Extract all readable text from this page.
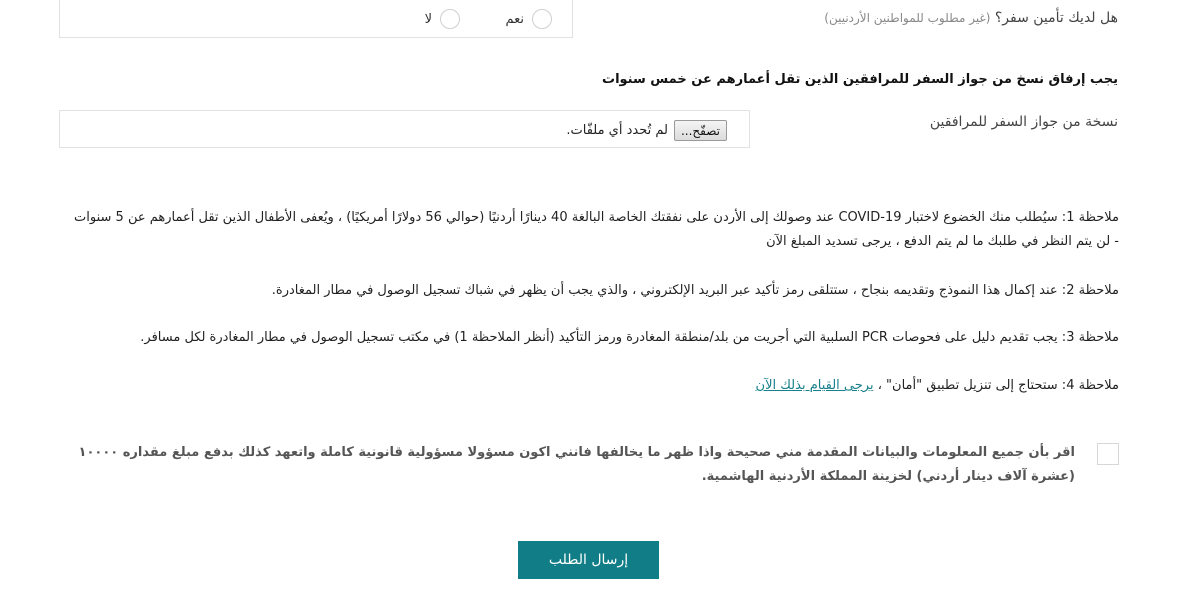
هل لديك تأمين سفر؟ (غير مطلوب للمواطنين الأردنيين)
نعم
لا
يجب إرفاق نسخ من جواز السفر للمرافقين الذين تقل أعمارهم عن خمس سنوات
نسخة من جواز السفر للمرافقين
تصفّح...
لم تُحدد أي ملفّات.
ملاحظة 1: سيُطلب منك الخضوع لاختبار COVID-19 عند وصولك إلى الأردن على نفقتك الخاصة البالغة 40 دينارًا أردنيًا (حوالي 56 دولارًا أمريكيًا) ، ويُعفى الأطفال الذين تقل أعمارهم عن 5 سنوات - لن يتم النظر في طلبك ما لم يتم الدفع ، يرجى تسديد المبلغ الآن
ملاحظة 2: عند إكمال هذا النموذج وتقديمه بنجاح ، ستتلقى رمز تأكيد عبر البريد الإلكتروني ، والذي يجب أن يظهر في شباك تسجيل الوصول في مطار المغادرة.
ملاحظة 3: يجب تقديم دليل على فحوصات PCR السلبية التي أجريت من بلد/منطقة المغادرة ورمز التأكيد (أنظر الملاحظة 1) في مكتب تسجيل الوصول في مطار المغادرة لكل مسافر.
ملاحظة 4: ستحتاج إلى تنزيل تطبيق "أمان" ، يرجى القيام بذلك الآن
اقر بأن جميع المعلومات والبيانات المقدمة مني صحيحة واذا ظهر ما يخالفها فانني اكون مسؤولا مسؤولية قانونية كاملة واتعهد كذلك بدفع مبلغ مقداره ١٠٠٠٠ (عشرة آلاف دينار أردني) لخزينة المملكة الأردنية الهاشمية.
إرسال الطلب
